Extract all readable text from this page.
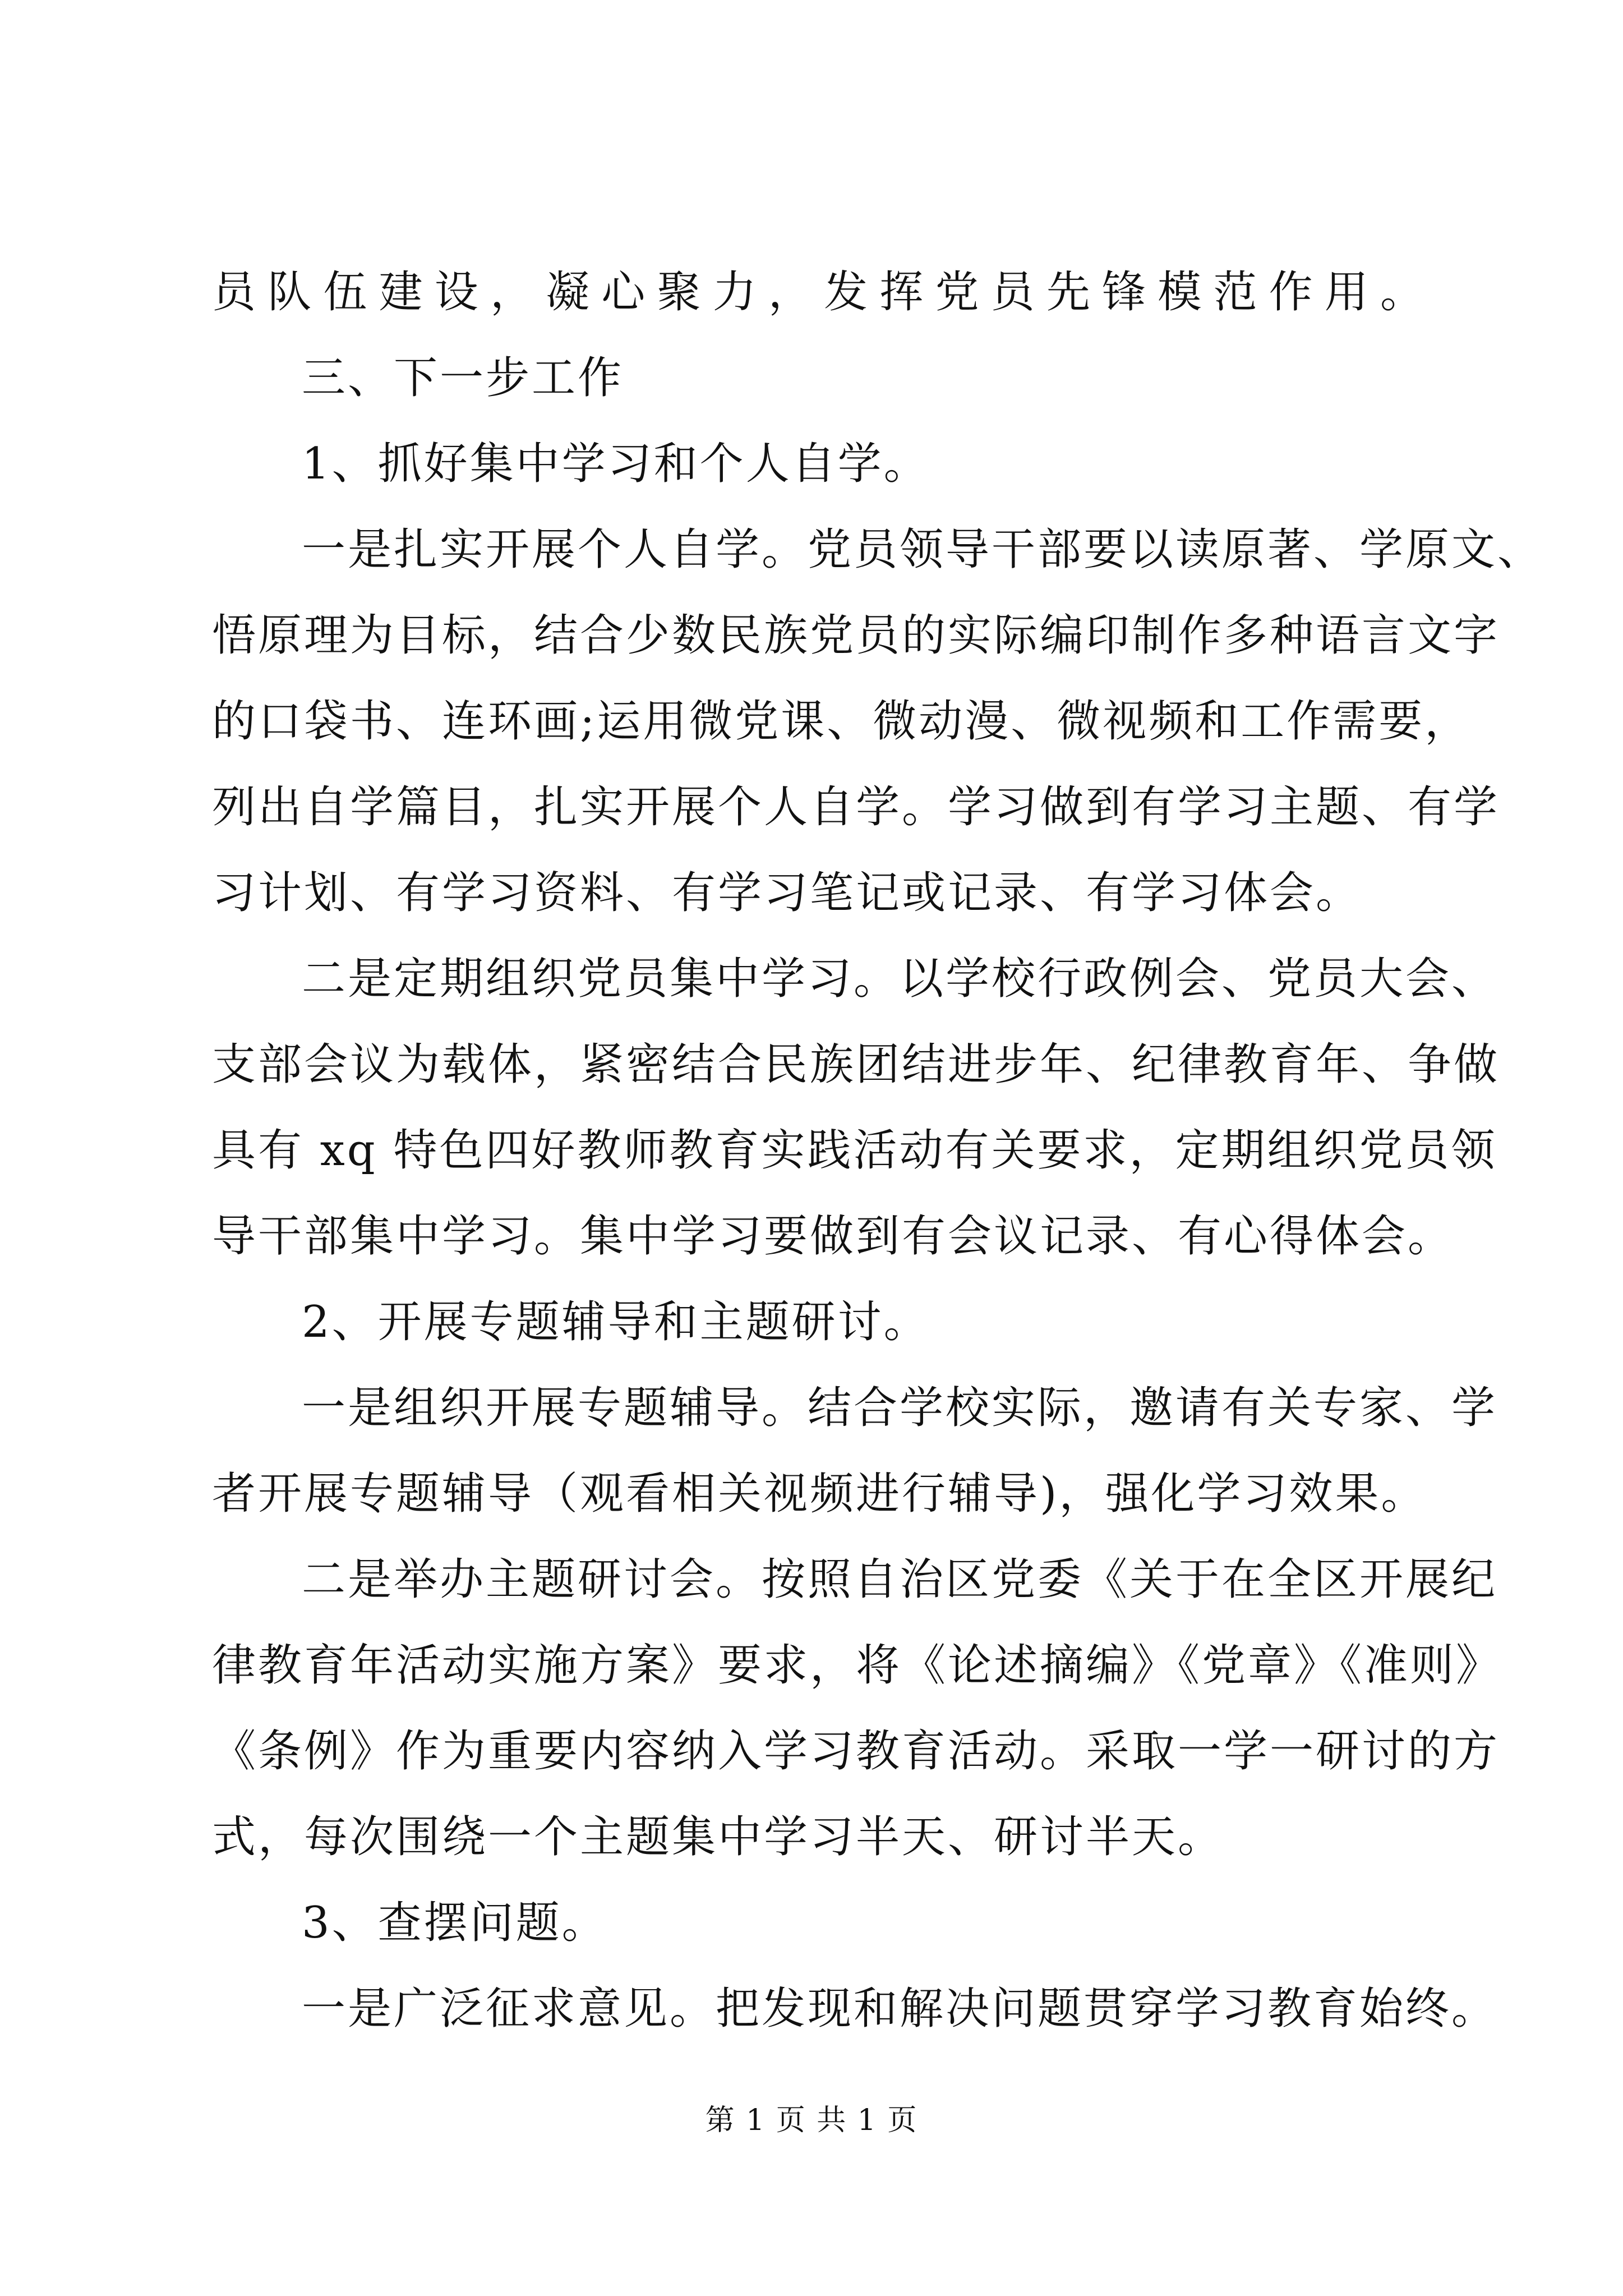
员队伍建设，凝心聚力，发挥党员先锋模范作用。
三、下一步工作
1、抓好集中学习和个人自学。
一是扎实开展个人自学。党员领导干部要以读原著、学原文、
悟原理为目标，结合少数民族党员的实际编印制作多种语言文字
的口袋书、连环画;运用微党课、微动漫、微视频和工作需要，
列出自学篇目，扎实开展个人自学。学习做到有学习主题、有学
习计划、有学习资料、有学习笔记或记录、有学习体会。
二是定期组织党员集中学习。以学校行政例会、党员大会、
支部会议为载体，紧密结合民族团结进步年、纪律教育年、争做
具有 xq 特色四好教师教育实践活动有关要求，定期组织党员领
导干部集中学习。集中学习要做到有会议记录、有心得体会。
2、开展专题辅导和主题研讨。
一是组织开展专题辅导。结合学校实际，邀请有关专家、学
者开展专题辅导（观看相关视频进行辅导)，强化学习效果。
二是举办主题研讨会。按照自治区党委《关于在全区开展纪
律教育年活动实施方案》要求，将《论述摘编》《党章》《准则》
《条例》作为重要内容纳入学习教育活动。采取一学一研讨的方
式，每次围绕一个主题集中学习半天、研讨半天。
3、查摆问题。
一是广泛征求意见。把发现和解决问题贯穿学习教育始终。
第 1 页 共 1 页
